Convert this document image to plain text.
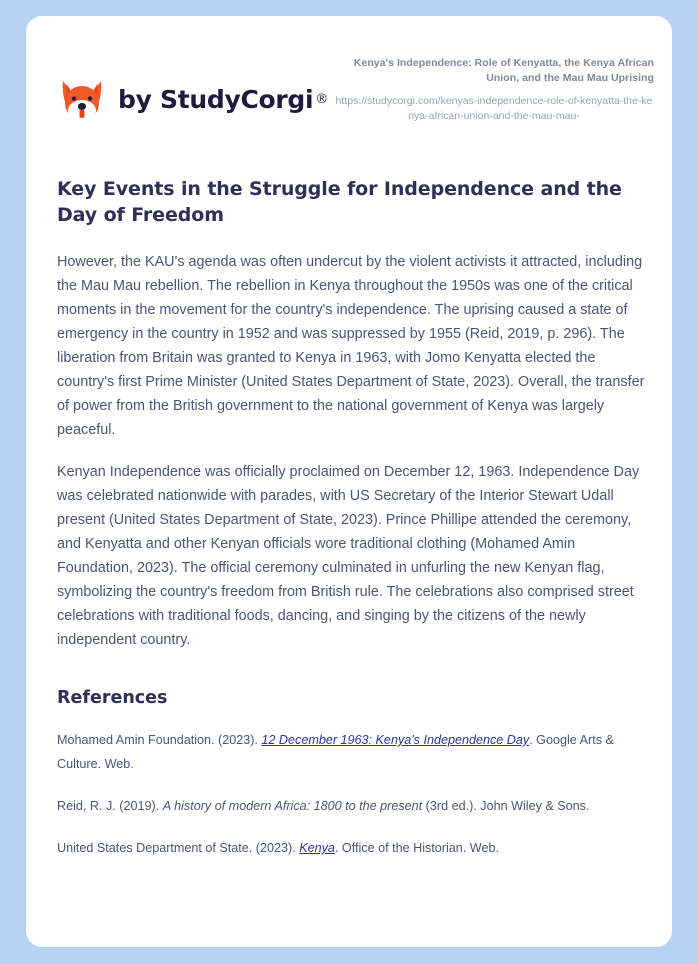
by StudyCorgi ®
Kenya's Independence: Role of Kenyatta, the Kenya African Union, and the Mau Mau Uprising
https://studycorgi.com/kenyas-independence-role-of-kenyatta-the-kenya-african-union-and-the-mau-mau-
Key Events in the Struggle for Independence and the Day of Freedom

However, the KAU's agenda was often undercut by the violent activists it attracted, including the Mau Mau rebellion. The rebellion in Kenya throughout the 1950s was one of the critical moments in the movement for the country's independence. The uprising caused a state of emergency in the country in 1952 and was suppressed by 1955 (Reid, 2019, p. 296). The liberation from Britain was granted to Kenya in 1963, with Jomo Kenyatta elected the country's first Prime Minister (United States Department of State, 2023). Overall, the transfer of power from the British government to the national government of Kenya was largely peaceful.

Kenyan Independence was officially proclaimed on December 12, 1963. Independence Day was celebrated nationwide with parades, with US Secretary of the Interior Stewart Udall present (United States Department of State, 2023). Prince Phillipe attended the ceremony, and Kenyatta and other Kenyan officials wore traditional clothing (Mohamed Amin Foundation, 2023). The official ceremony culminated in unfurling the new Kenyan flag, symbolizing the country's freedom from British rule. The celebrations also comprised street celebrations with traditional foods, dancing, and singing by the citizens of the newly independent country.

References

Mohamed Amin Foundation. (2023). 12 December 1963: Kenya's Independence Day. Google Arts & Culture. Web.

Reid, R. J. (2019). A history of modern Africa: 1800 to the present (3rd ed.). John Wiley & Sons.

United States Department of State. (2023). Kenya. Office of the Historian. Web.
